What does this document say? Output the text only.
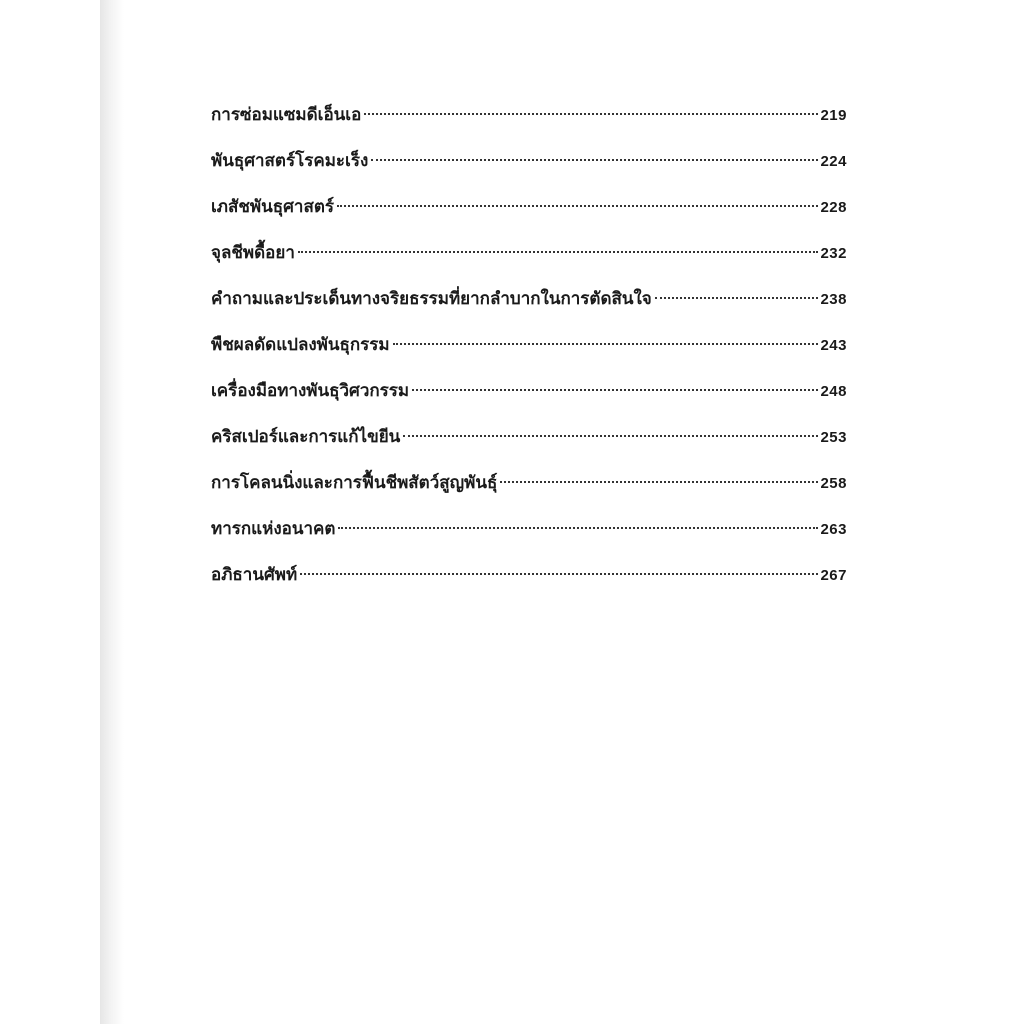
การซ่อมแซมดีเอ็นเอ	219
พันธุศาสตร์โรคมะเร็ง	224
เภสัชพันธุศาสตร์	228
จุลชีพดื้อยา	232
คำถามและประเด็นทางจริยธรรมที่ยากลำบากในการตัดสินใจ	238
พืชผลดัดแปลงพันธุกรรม	243
เครื่องมือทางพันธุวิศวกรรม	248
คริสเปอร์และการแก้ไขยีน	253
การโคลนนิ่งและการฟื้นชีพสัตว์สูญพันธุ์	258
ทารกแห่งอนาคต	263
อภิธานศัพท์	267
